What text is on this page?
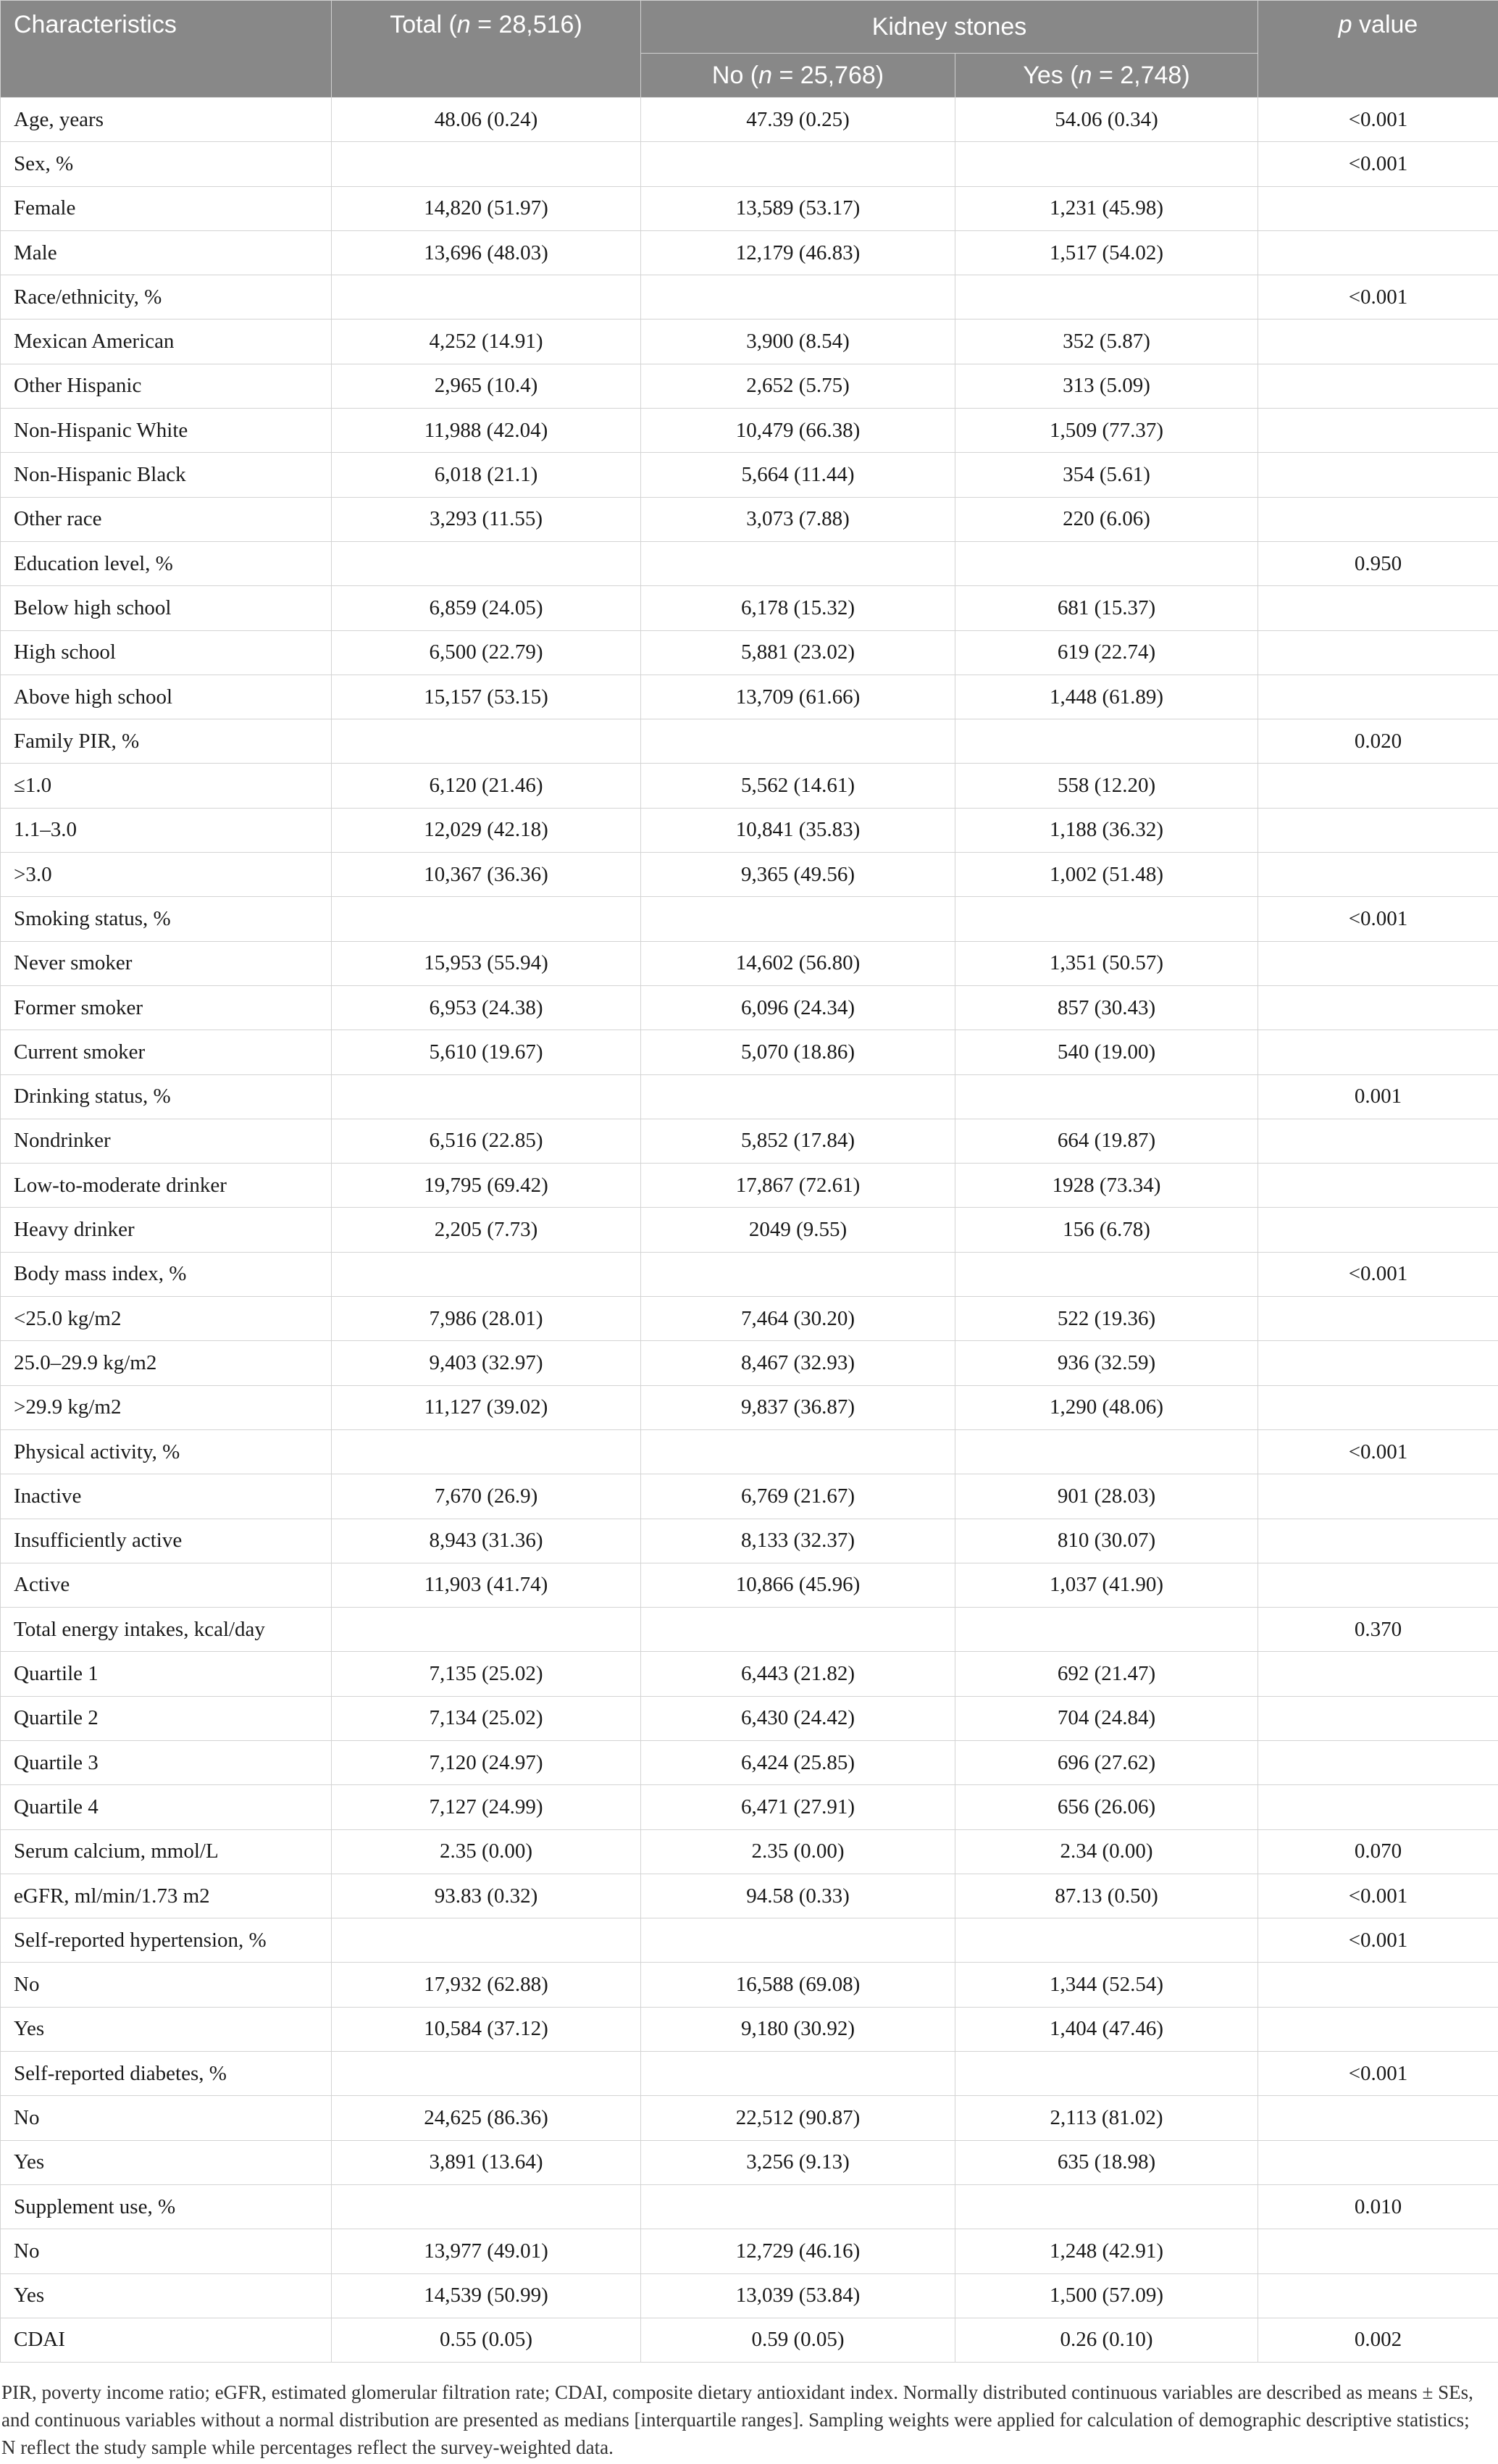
Characteristics	Total (n = 28,516)	Kidney stones		p value
		No (n = 25,768)	Yes (n = 2,748)	
Age, years	48.06 (0.24)	47.39 (0.25)	54.06 (0.34)	<0.001
Sex, %				<0.001
Female	14,820 (51.97)	13,589 (53.17)	1,231 (45.98)	
Male	13,696 (48.03)	12,179 (46.83)	1,517 (54.02)	
Race/ethnicity, %				<0.001
Mexican American	4,252 (14.91)	3,900 (8.54)	352 (5.87)	
Other Hispanic	2,965 (10.4)	2,652 (5.75)	313 (5.09)	
Non-Hispanic White	11,988 (42.04)	10,479 (66.38)	1,509 (77.37)	
Non-Hispanic Black	6,018 (21.1)	5,664 (11.44)	354 (5.61)	
Other race	3,293 (11.55)	3,073 (7.88)	220 (6.06)	
Education level, %				0.950
Below high school	6,859 (24.05)	6,178 (15.32)	681 (15.37)	
High school	6,500 (22.79)	5,881 (23.02)	619 (22.74)	
Above high school	15,157 (53.15)	13,709 (61.66)	1,448 (61.89)	
Family PIR, %				0.020
≤1.0	6,120 (21.46)	5,562 (14.61)	558 (12.20)	
1.1–3.0	12,029 (42.18)	10,841 (35.83)	1,188 (36.32)	
>3.0	10,367 (36.36)	9,365 (49.56)	1,002 (51.48)	
Smoking status, %				<0.001
Never smoker	15,953 (55.94)	14,602 (56.80)	1,351 (50.57)	
Former smoker	6,953 (24.38)	6,096 (24.34)	857 (30.43)	
Current smoker	5,610 (19.67)	5,070 (18.86)	540 (19.00)	
Drinking status, %				0.001
Nondrinker	6,516 (22.85)	5,852 (17.84)	664 (19.87)	
Low-to-moderate drinker	19,795 (69.42)	17,867 (72.61)	1928 (73.34)	
Heavy drinker	2,205 (7.73)	2049 (9.55)	156 (6.78)	
Body mass index, %				<0.001
<25.0 kg/m2	7,986 (28.01)	7,464 (30.20)	522 (19.36)	
25.0–29.9 kg/m2	9,403 (32.97)	8,467 (32.93)	936 (32.59)	
>29.9 kg/m2	11,127 (39.02)	9,837 (36.87)	1,290 (48.06)	
Physical activity, %				<0.001
Inactive	7,670 (26.9)	6,769 (21.67)	901 (28.03)	
Insufficiently active	8,943 (31.36)	8,133 (32.37)	810 (30.07)	
Active	11,903 (41.74)	10,866 (45.96)	1,037 (41.90)	
Total energy intakes, kcal/day				0.370
Quartile 1	7,135 (25.02)	6,443 (21.82)	692 (21.47)	
Quartile 2	7,134 (25.02)	6,430 (24.42)	704 (24.84)	
Quartile 3	7,120 (24.97)	6,424 (25.85)	696 (27.62)	
Quartile 4	7,127 (24.99)	6,471 (27.91)	656 (26.06)	
Serum calcium, mmol/L	2.35 (0.00)	2.35 (0.00)	2.34 (0.00)	0.070
eGFR, ml/min/1.73 m2	93.83 (0.32)	94.58 (0.33)	87.13 (0.50)	<0.001
Self-reported hypertension, %				<0.001
No	17,932 (62.88)	16,588 (69.08)	1,344 (52.54)	
Yes	10,584 (37.12)	9,180 (30.92)	1,404 (47.46)	
Self-reported diabetes, %				<0.001
No	24,625 (86.36)	22,512 (90.87)	2,113 (81.02)	
Yes	3,891 (13.64)	3,256 (9.13)	635 (18.98)	
Supplement use, %				0.010
No	13,977 (49.01)	12,729 (46.16)	1,248 (42.91)	
Yes	14,539 (50.99)	13,039 (53.84)	1,500 (57.09)	
CDAI	0.55 (0.05)	0.59 (0.05)	0.26 (0.10)	0.002
PIR, poverty income ratio; eGFR, estimated glomerular filtration rate; CDAI, composite dietary antioxidant index. Normally distributed continuous variables are described as means ± SEs, and continuous variables without a normal distribution are presented as medians [interquartile ranges]. Sampling weights were applied for calculation of demographic descriptive statistics; N reflect the study sample while percentages reflect the survey-weighted data.
